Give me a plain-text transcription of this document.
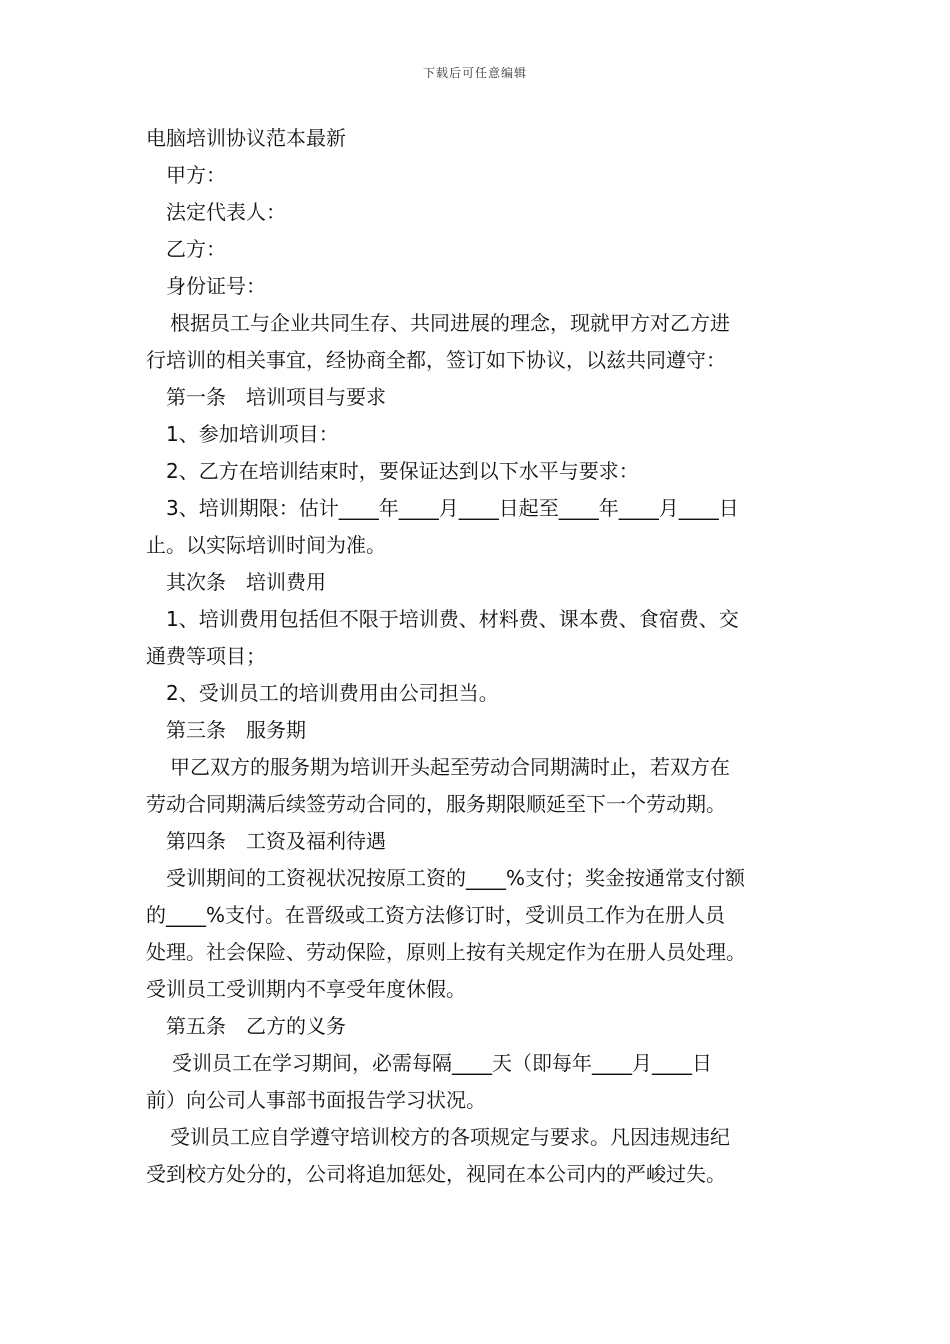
下载后可任意编辑
电脑培训协议范本最新
甲方：
法定代表人：
乙方：
身份证号：
根据员工与企业共同生存、共同进展的理念，现就甲方对乙方进
行培训的相关事宜，经协商全都，签订如下协议，以兹共同遵守：
第一条　培训项目与要求
1、参加培训项目：
2、乙方在培训结束时，要保证达到以下水平与要求：
3、培训期限：估计____年____月____日起至____年____月____日
止。以实际培训时间为准。
其次条　培训费用
1、培训费用包括但不限于培训费、材料费、课本费、食宿费、交
通费等项目；
2、受训员工的培训费用由公司担当。
第三条　服务期
甲乙双方的服务期为培训开头起至劳动合同期满时止，若双方在
劳动合同期满后续签劳动合同的，服务期限顺延至下一个劳动期。
第四条　工资及福利待遇
受训期间的工资视状况按原工资的____%支付；奖金按通常支付额
的____%支付。在晋级或工资方法修订时，受训员工作为在册人员
处理。社会保险、劳动保险，原则上按有关规定作为在册人员处理。
受训员工受训期内不享受年度休假。
第五条　乙方的义务
受训员工在学习期间，必需每隔____天（即每年____月____日
前）向公司人事部书面报告学习状况。
受训员工应自学遵守培训校方的各项规定与要求。凡因违规违纪
受到校方处分的，公司将追加惩处，视同在本公司内的严峻过失。
